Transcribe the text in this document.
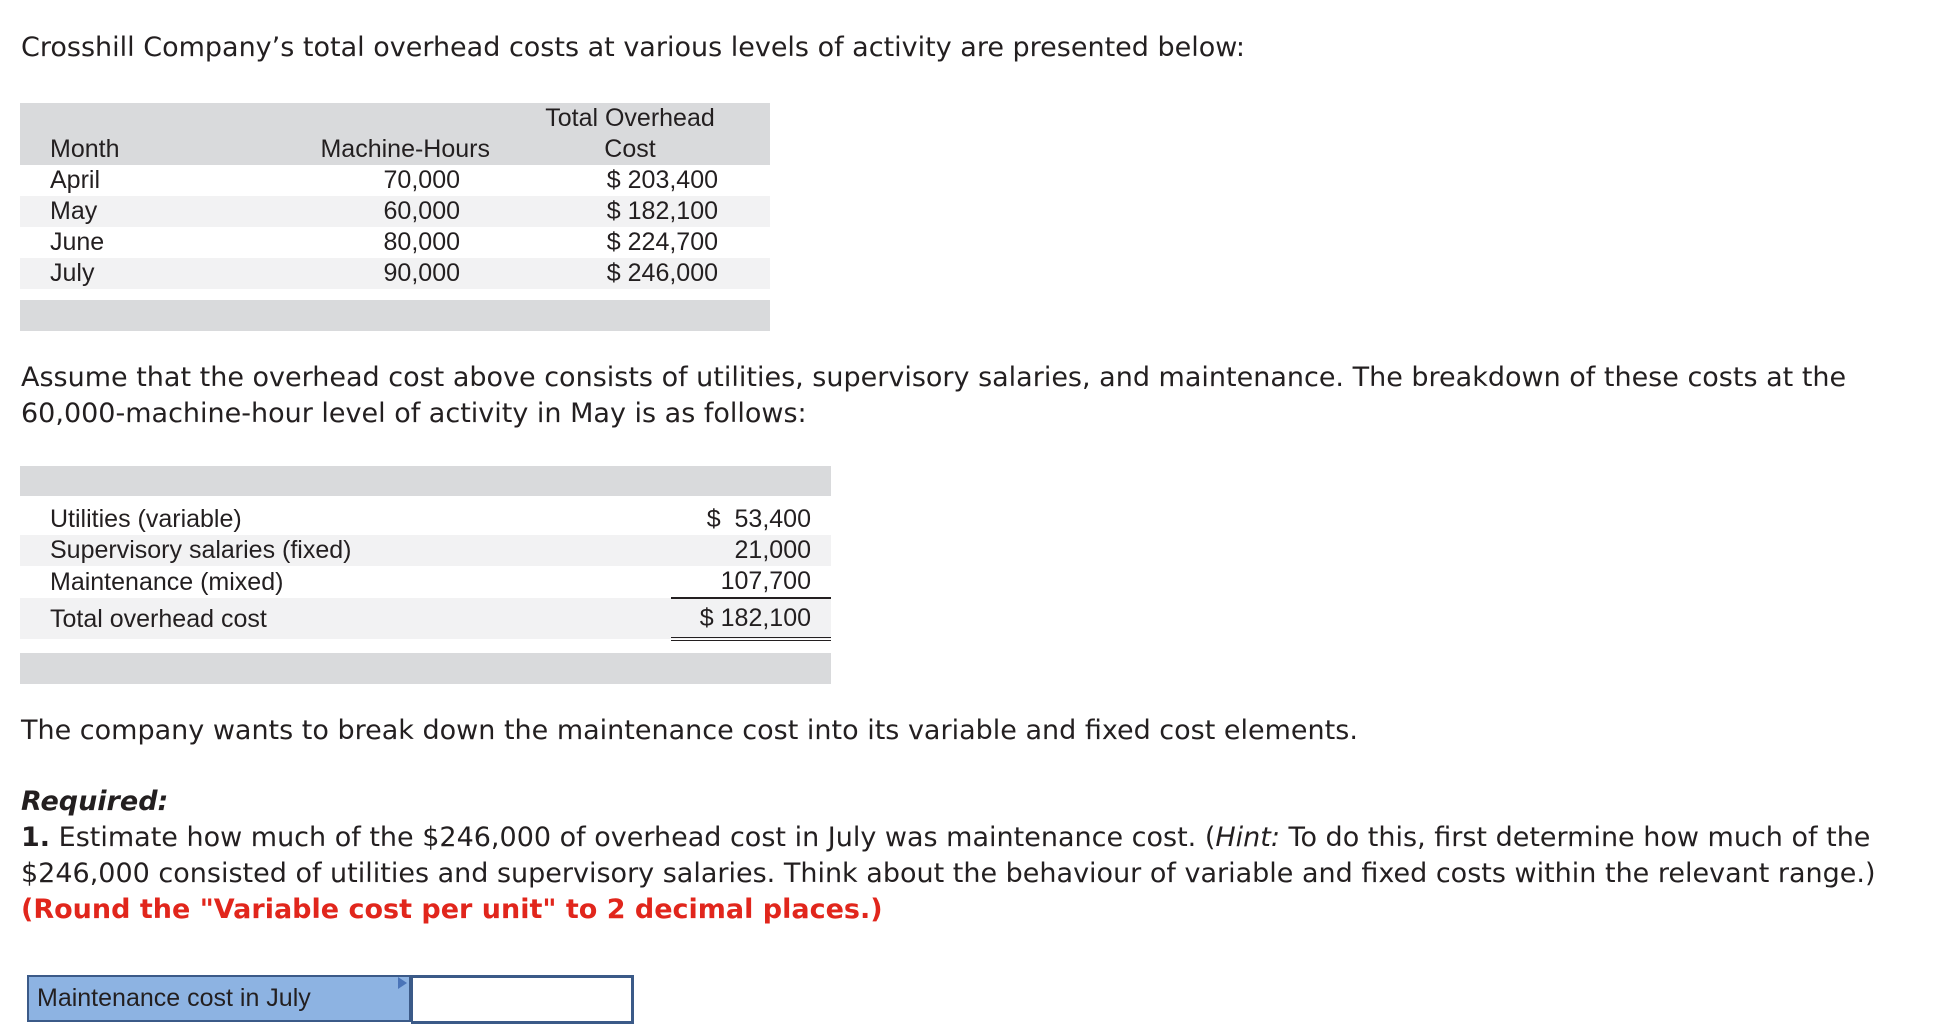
Crosshill Company’s total overhead costs at various levels of activity are presented below:

		Total Overhead
Month	Machine-Hours	Cost
April	70,000	$ 203,400
May	60,000	$ 182,100
June	80,000	$ 224,700
July	90,000	$ 246,000

Assume that the overhead cost above consists of utilities, supervisory salaries, and maintenance. The breakdown of these costs at the 60,000-machine-hour level of activity in May is as follows:

Utilities (variable)	$  53,400
Supervisory salaries (fixed)	21,000
Maintenance (mixed)	107,700
Total overhead cost	$ 182,100

The company wants to break down the maintenance cost into its variable and fixed cost elements.

Required:
1. Estimate how much of the $246,000 of overhead cost in July was maintenance cost. (Hint: To do this, first determine how much of the $246,000 consisted of utilities and supervisory salaries. Think about the behaviour of variable and fixed costs within the relevant range.) (Round the "Variable cost per unit" to 2 decimal places.)

Maintenance cost in July
